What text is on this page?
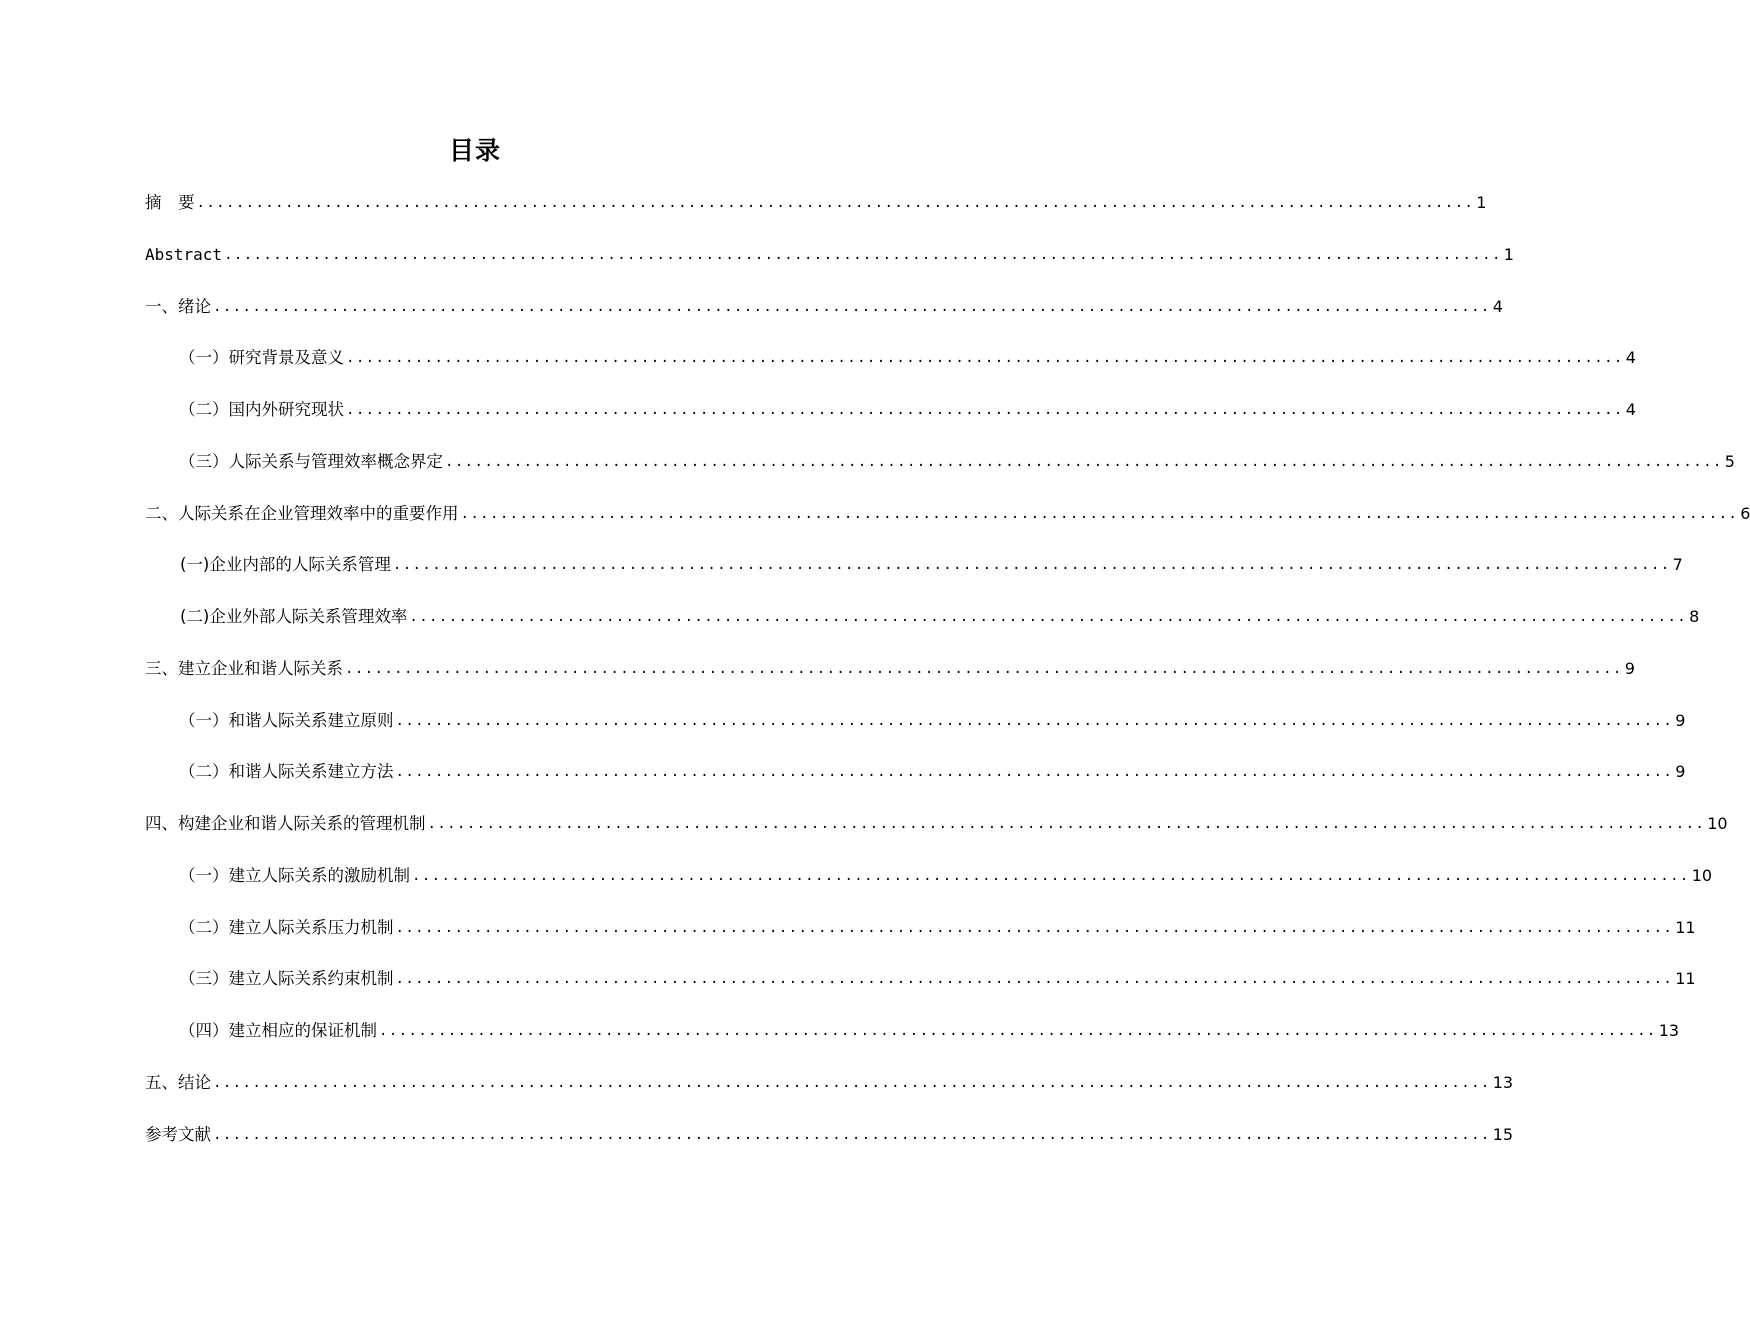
目录
摘　要 .................................................................................................................................. 1
Abstract .................................................................................................................................. 1
一、绪论 .................................................................................................................................. 4
（一）研究背景及意义 .................................................................................................................................. 4
（二）国内外研究现状 .................................................................................................................................. 4
（三）人际关系与管理效率概念界定 .................................................................................................................................. 5
二、人际关系在企业管理效率中的重要作用 .................................................................................................................................. 6
(一)企业内部的人际关系管理 .................................................................................................................................. 7
(二)企业外部人际关系管理效率 .................................................................................................................................. 8
三、建立企业和谐人际关系 .................................................................................................................................. 9
（一）和谐人际关系建立原则 .................................................................................................................................. 9
（二）和谐人际关系建立方法 .................................................................................................................................. 9
四、构建企业和谐人际关系的管理机制 .................................................................................................................................. 10
（一）建立人际关系的激励机制 .................................................................................................................................. 10
（二）建立人际关系压力机制 .................................................................................................................................. 11
（三）建立人际关系约束机制 .................................................................................................................................. 11
（四）建立相应的保证机制 .................................................................................................................................. 13
五、结论 .................................................................................................................................. 13
参考文献 .................................................................................................................................. 15
